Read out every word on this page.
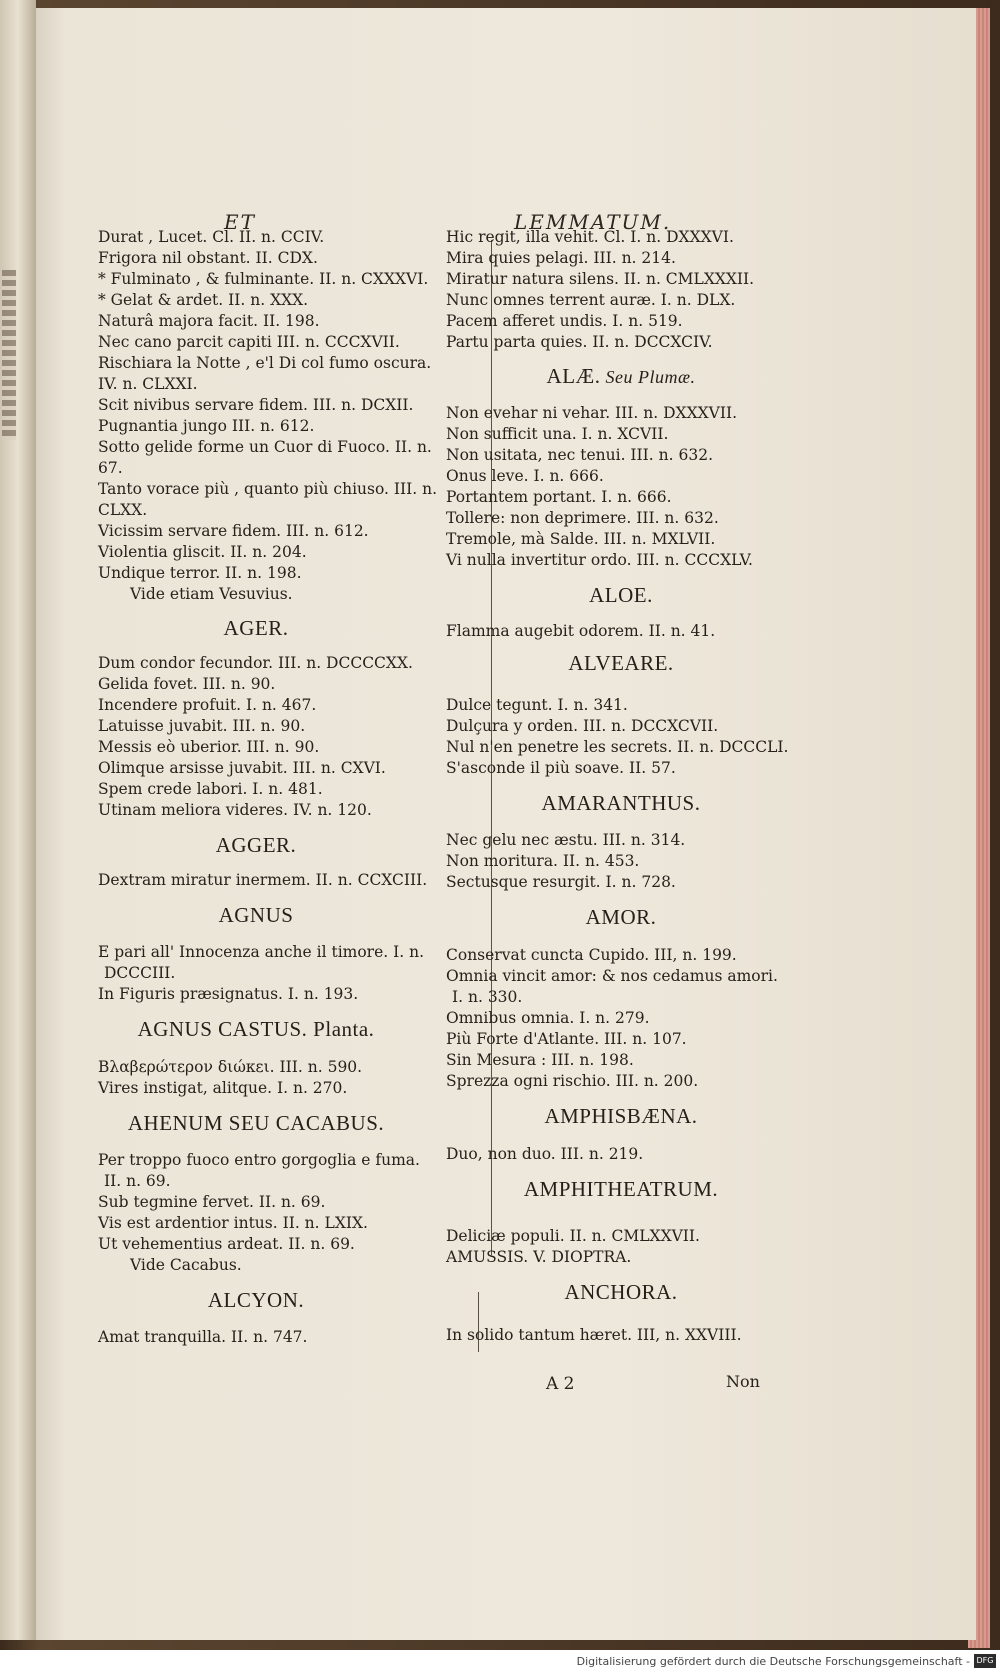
ET	LEMMATUM.
Durat , Lucet. Cl. II. n. CCIV.
Frigora nil obstant. II. CDX.
* Fulminato , & fulminante. II. n. CXXXVI.
* Gelat & ardet. II. n. XXX.
Naturâ majora facit. II. 198.
Nec cano parcit capiti III. n. CCCXVII.
Rischiara la Notte , e'l Di col fumo oscura.
IV. n. CLXXI.
Scit nivibus servare fidem. III. n. DCXII.
Pugnantia jungo III. n. 612.
Sotto gelide forme un Cuor di Fuoco. II. n.
67.
Tanto vorace più , quanto più chiuso. III. n.
CLXX.
Vicissim servare fidem. III. n. 612.
Violentia gliscit. II. n. 204.
Undique terror. II. n. 198.
Vide etiam Vesuvius.
AGER.
Dum condor fecundor. III. n. DCCCCXX.
Gelida fovet. III. n. 90.
Incendere profuit. I. n. 467.
Latuisse juvabit. III. n. 90.
Messis eò uberior. III. n. 90.
Olimque arsisse juvabit. III. n. CXVI.
Spem crede labori. I. n. 481.
Utinam meliora videres. IV. n. 120.
AGGER.
Dextram miratur inermem. II. n. CCXCIII.
AGNUS
E pari all' Innocenza anche il timore. I. n.
DCCCIII.
In Figuris præsignatus. I. n. 193.
AGNUS CASTUS. Planta.
Βλαβερώτερον διώκει. III. n. 590.
Vires instigat, alitque. I. n. 270.
AHENUM SEU CACABUS.
Per troppo fuoco entro gorgoglia e fuma.
II. n. 69.
Sub tegmine fervet. II. n. 69.
Vis est ardentior intus. II. n. LXIX.
Ut vehementius ardeat. II. n. 69.
Vide Cacabus.
ALCYON.
Amat tranquilla. II. n. 747.
Hic regit, illa vehit. Cl. I. n. DXXXVI.
Mira quies pelagi. III. n. 214.
Miratur natura silens. II. n. CMLXXXII.
Nunc omnes terrent auræ. I. n. DLX.
Pacem afferet undis. I. n. 519.
Partu parta quies. II. n. DCCXCIV.
ALÆ. Seu Plumæ.
Non evehar ni vehar. III. n. DXXXVII.
Non sufficit una. I. n. XCVII.
Non usitata, nec tenui. III. n. 632.
Onus leve. I. n. 666.
Portantem portant. I. n. 666.
Tollere: non deprimere. III. n. 632.
Tremole, mà Salde. III. n. MXLVII.
Vi nulla invertitur ordo. III. n. CCCXLV.
ALOE.
Flamma augebit odorem. II. n. 41.
ALVEARE.
Dulce tegunt. I. n. 341.
Dulçura y orden. III. n. DCCXCVII.
Nul n'en penetre les secrets. II. n. DCCCLI.
S'asconde il più soave. II. 57.
AMARANTHUS.
Nec gelu nec æstu. III. n. 314.
Non moritura. II. n. 453.
Sectusque resurgit. I. n. 728.
AMOR.
Conservat cuncta Cupido. III, n. 199.
Omnia vincit amor: & nos cedamus amori.
I. n. 330.
Omnibus omnia. I. n. 279.
Più Forte d'Atlante. III. n. 107.
Sin Mesura : III. n. 198.
Sprezza ogni rischio. III. n. 200.
AMPHISBÆNA.
Duo, non duo. III. n. 219.
AMPHITHEATRUM.
Deliciæ populi. II. n. CMLXXVII.
AMUSSIS. V. DIOPTRA.
ANCHORA.
In solido tantum hæret. III, n. XXVIII.
A 2	Non
Digitalisierung gefördert durch die Deutsche Forschungsgemeinschaft - DFG
